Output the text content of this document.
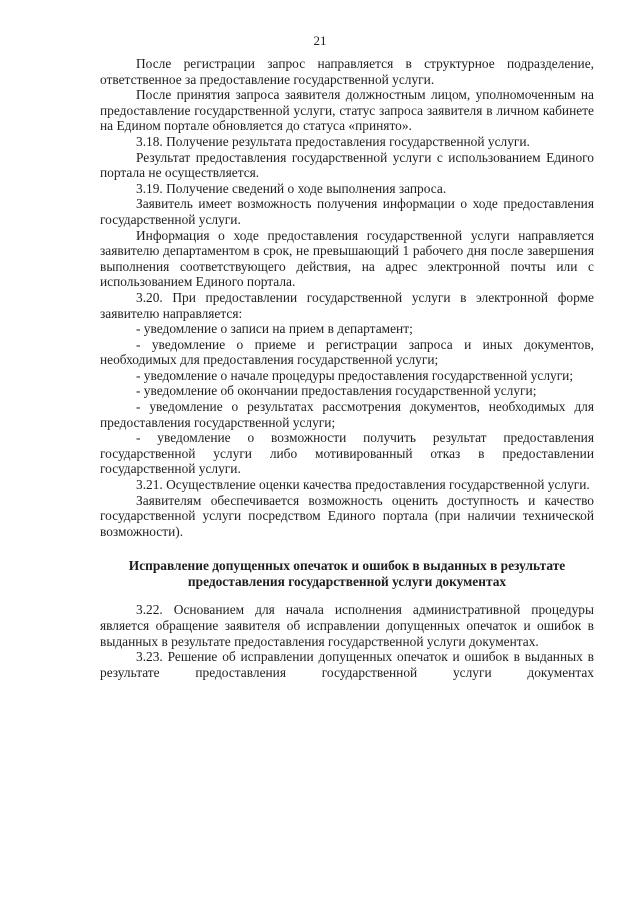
21

После регистрации запрос направляется в структурное подразделение, ответственное за предоставление государственной услуги.

После принятия запроса заявителя должностным лицом, уполномоченным на предоставление государственной услуги, статус запроса заявителя в личном кабинете на Едином портале обновляется до статуса «принято».

3.18. Получение результата предоставления государственной услуги.

Результат предоставления государственной услуги с использованием Единого портала не осуществляется.

3.19. Получение сведений о ходе выполнения запроса.

Заявитель имеет возможность получения информации о ходе предоставления государственной услуги.

Информация о ходе предоставления государственной услуги направляется заявителю департаментом в срок, не превышающий 1 рабочего дня после завершения выполнения соответствующего действия, на адрес электронной почты или с использованием Единого портала.

3.20. При предоставлении государственной услуги в электронной форме заявителю направляется:

- уведомление о записи на прием в департамент;

- уведомление о приеме и регистрации запроса и иных документов, необходимых для предоставления государственной услуги;

- уведомление о начале процедуры предоставления государственной услуги;

- уведомление об окончании предоставления государственной услуги;

- уведомление о результатах рассмотрения документов, необходимых для предоставления государственной услуги;

- уведомление о возможности получить результат предоставления государственной услуги либо мотивированный отказ в предоставлении государственной услуги.

3.21. Осуществление оценки качества предоставления государственной услуги.

Заявителям обеспечивается возможность оценить доступность и качество государственной услуги посредством Единого портала (при наличии технической возможности).

Исправление допущенных опечаток и ошибок в выданных в результате предоставления государственной услуги документах

3.22. Основанием для начала исполнения административной процедуры является обращение заявителя об исправлении допущенных опечаток и ошибок в выданных в результате предоставления государственной услуги документах.

3.23. Решение об исправлении допущенных опечаток и ошибок в выданных в результате предоставления государственной услуги документах
